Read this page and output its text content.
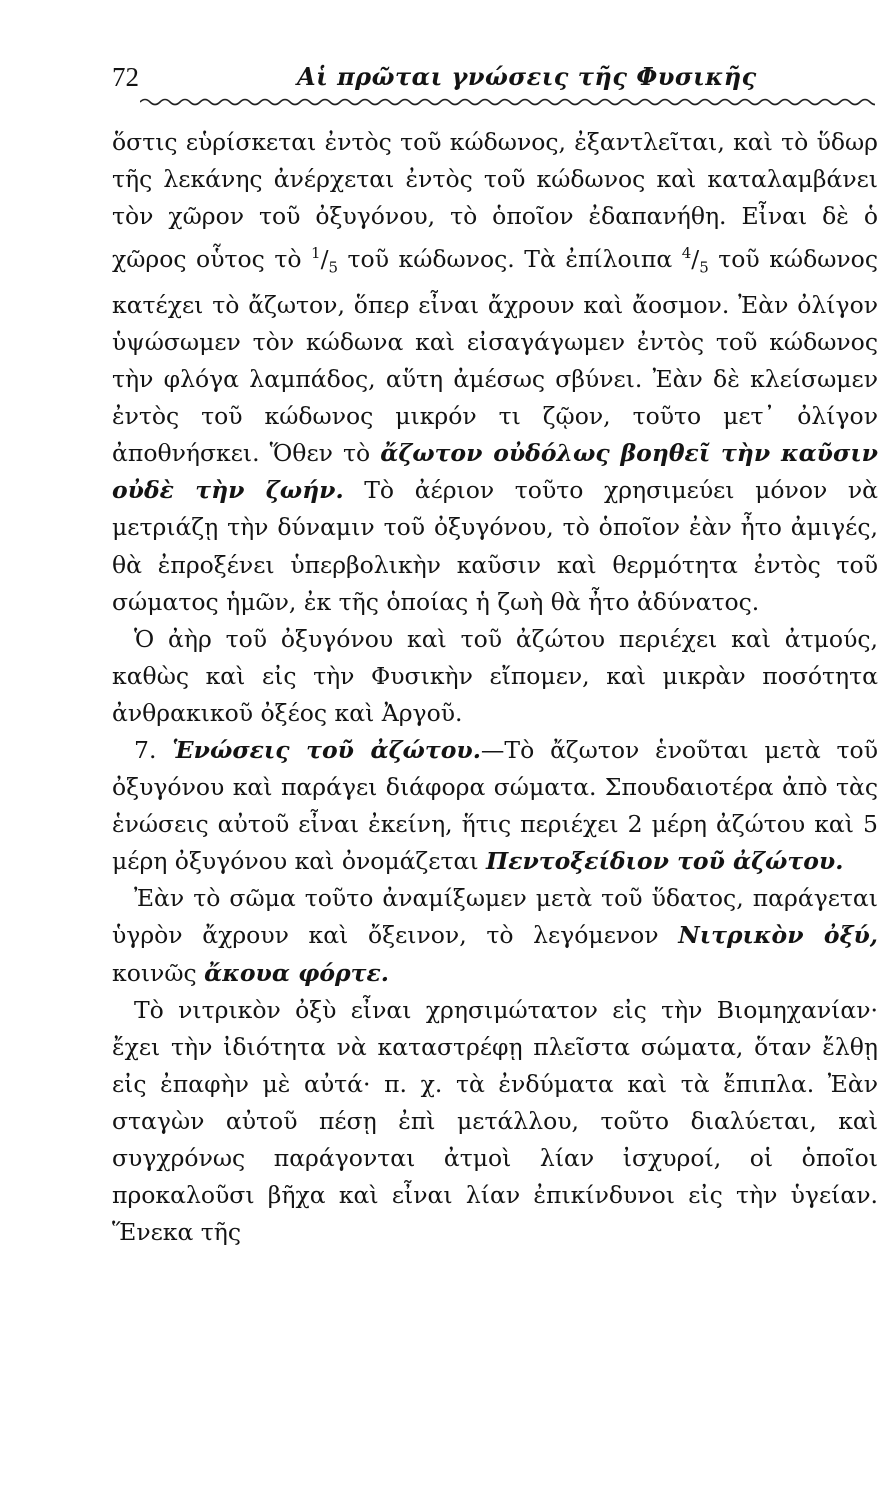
72	Αἱ πρῶται γνώσεις τῆς Φυσικῆς

ὅστις εὑρίσκεται ἐντὸς τοῦ κώδωνος, ἐξαντλεῖται, καὶ τὸ ὕδωρ τῆς λεκάνης ἀνέρχεται ἐντὸς τοῦ κώδωνος καὶ καταλαμβάνει τὸν χῶρον τοῦ ὀξυγόνου, τὸ ὁποῖον ἐδαπανήθη. Εἶναι δὲ ὁ χῶρος οὗτος τὸ $^1/_5$ τοῦ κώδωνος. Τὰ ἐπίλοιπα $^4/_5$ τοῦ κώδωνος κατέχει τὸ ἄζωτον, ὅπερ εἶναι ἄχρουν καὶ ἄοσμον. Ἐὰν ὀλίγον ὑψώσωμεν τὸν κώδωνα καὶ εἰσαγάγωμεν ἐντὸς τοῦ κώδωνος τὴν φλόγα λαμπάδος, αὕτη ἀμέσως σβύνει. Ἐὰν δὲ κλείσωμεν ἐντὸς τοῦ κώδωνος μικρόν τι ζῷον, τοῦτο μετ᾽ ὀλίγον ἀποθνήσκει. Ὅθεν τὸ ἄζωτον οὐδόλως βοηθεῖ τὴν καῦσιν οὐδὲ τὴν ζωήν. Τὸ ἀέριον τοῦτο χρησιμεύει μόνον νὰ μετριάζῃ τὴν δύναμιν τοῦ ὀξυγόνου, τὸ ὁποῖον ἐὰν ἦτο ἀμιγές, θὰ ἐπροξένει ὑπερβολικὴν καῦσιν καὶ θερμότητα ἐντὸς τοῦ σώματος ἡμῶν, ἐκ τῆς ὁποίας ἡ ζωὴ θὰ ἦτο ἀδύνατος.

Ὁ ἀὴρ τοῦ ὀξυγόνου καὶ τοῦ ἀζώτου περιέχει καὶ ἀτμούς, καθὼς καὶ εἰς τὴν Φυσικὴν εἴπομεν, καὶ μικρὰν ποσότητα ἀνθρακικοῦ ὀξέος καὶ Ἀργοῦ.

7. Ἑνώσεις τοῦ ἀζώτου.—Τὸ ἄζωτον ἑνοῦται μετὰ τοῦ ὀξυγόνου καὶ παράγει διάφορα σώματα. Σπουδαιοτέρα ἀπὸ τὰς ἑνώσεις αὐτοῦ εἶναι ἐκείνη, ἥτις περιέχει 2 μέρη ἀζώτου καὶ 5 μέρη ὀξυγόνου καὶ ὀνομάζεται Πεντοξείδιον τοῦ ἀζώτου.

Ἐὰν τὸ σῶμα τοῦτο ἀναμίξωμεν μετὰ τοῦ ὕδατος, παράγεται ὑγρὸν ἄχρουν καὶ ὄξεινον, τὸ λεγόμενον Νιτρικὸν ὀξύ, κοινῶς ἄκουα φόρτε.

Τὸ νιτρικὸν ὀξὺ εἶναι χρησιμώτατον εἰς τὴν Βιομηχανίαν· ἔχει τὴν ἰδιότητα νὰ καταστρέφῃ πλεῖστα σώματα, ὅταν ἔλθῃ εἰς ἐπαφὴν μὲ αὐτά· π. χ. τὰ ἐνδύματα καὶ τὰ ἔπιπλα. Ἐὰν σταγὼν αὐτοῦ πέσῃ ἐπὶ μετάλλου, τοῦτο διαλύεται, καὶ συγχρόνως παράγονται ἀτμοὶ λίαν ἰσχυροί, οἱ ὁποῖοι προκαλοῦσι βῆχα καὶ εἶναι λίαν ἐπικίνδυνοι εἰς τὴν ὑγείαν. Ἕνεκα τῆς
